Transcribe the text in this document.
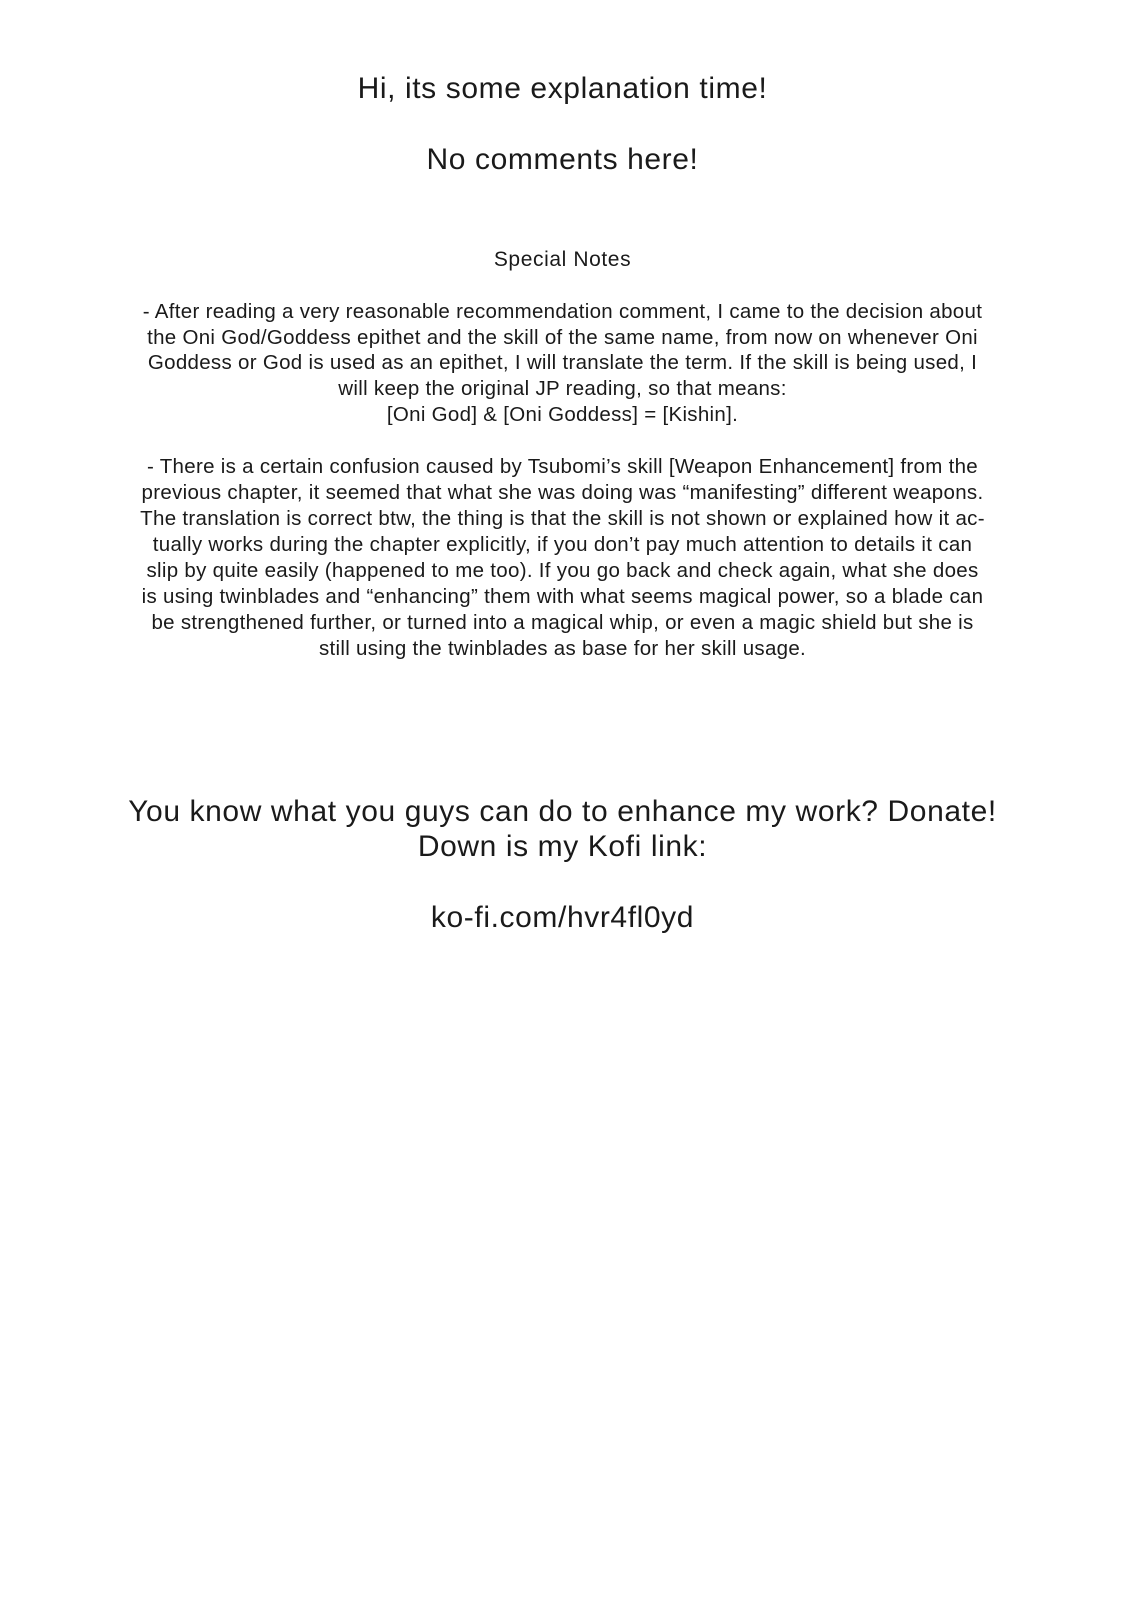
Hi, its some explanation time!
No comments here!
Special Notes
- After reading a very reasonable recommendation comment, I came to the decision about
the Oni God/Goddess epithet and the skill of the same name, from now on whenever Oni
Goddess or God is used as an epithet, I will translate the term. If the skill is being used, I
will keep the original JP reading, so that means:
[Oni God] & [Oni Goddess] = [Kishin].
- There is a certain confusion caused by Tsubomi’s skill [Weapon Enhancement] from the
previous chapter, it seemed that what she was doing was “manifesting” different weapons.
The translation is correct btw, the thing is that the skill is not shown or explained how it ac-
tually works during the chapter explicitly, if you don’t pay much attention to details it can
slip by quite easily (happened to me too). If you go back and check again, what she does
is using twinblades and “enhancing” them with what seems magical power, so a blade can
be strengthened further, or turned into a magical whip, or even a magic shield but she is
still using the twinblades as base for her skill usage.
You know what you guys can do to enhance my work? Donate!
Down is my Kofi link:
ko-fi.com/hvr4fl0yd
